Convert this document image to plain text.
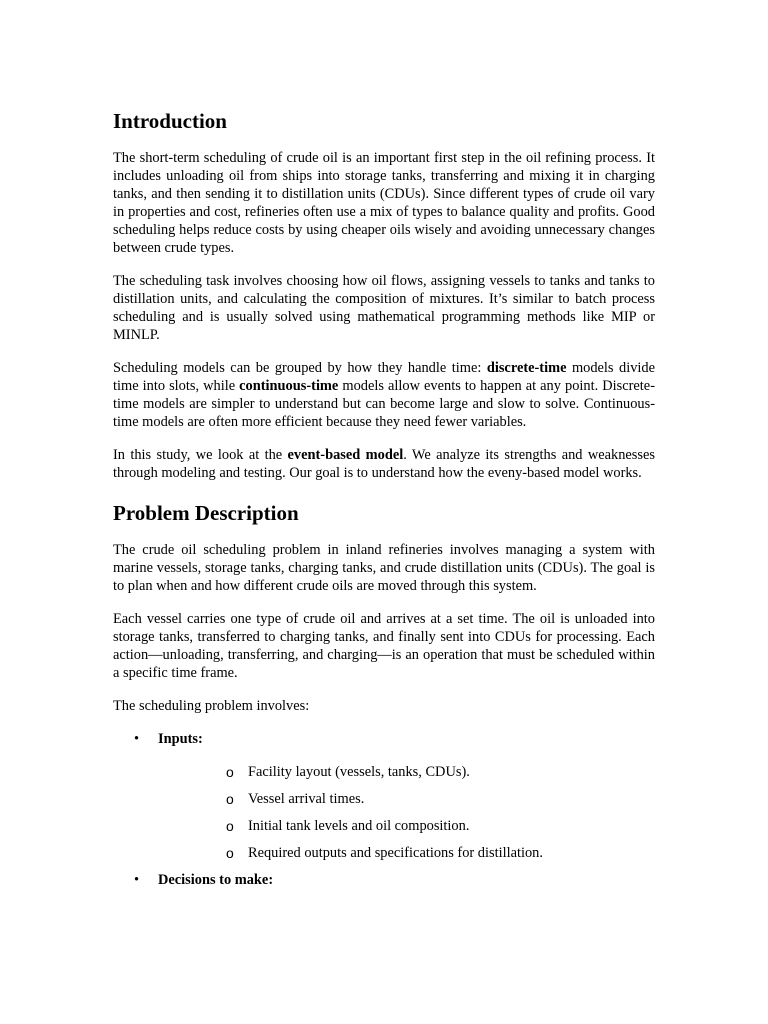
Introduction

The short-term scheduling of crude oil is an important first step in the oil refining process. It includes unloading oil from ships into storage tanks, transferring and mixing it in charging tanks, and then sending it to distillation units (CDUs). Since different types of crude oil vary in properties and cost, refineries often use a mix of types to balance quality and profits. Good scheduling helps reduce costs by using cheaper oils wisely and avoiding unnecessary changes between crude types.

The scheduling task involves choosing how oil flows, assigning vessels to tanks and tanks to distillation units, and calculating the composition of mixtures. It’s similar to batch process scheduling and is usually solved using mathematical programming methods like MIP or MINLP.

Scheduling models can be grouped by how they handle time: discrete-time models divide time into slots, while continuous-time models allow events to happen at any point. Discrete-time models are simpler to understand but can become large and slow to solve. Continuous-time models are often more efficient because they need fewer variables.

In this study, we look at the event-based model. We analyze its strengths and weaknesses through modeling and testing. Our goal is to understand how the eveny-based model works.

Problem Description

The crude oil scheduling problem in inland refineries involves managing a system with marine vessels, storage tanks, charging tanks, and crude distillation units (CDUs). The goal is to plan when and how different crude oils are moved through this system.

Each vessel carries one type of crude oil and arrives at a set time. The oil is unloaded into storage tanks, transferred to charging tanks, and finally sent into CDUs for processing. Each action—unloading, transferring, and charging—is an operation that must be scheduled within a specific time frame.

The scheduling problem involves:

• Inputs:
o Facility layout (vessels, tanks, CDUs).
o Vessel arrival times.
o Initial tank levels and oil composition.
o Required outputs and specifications for distillation.
• Decisions to make:
